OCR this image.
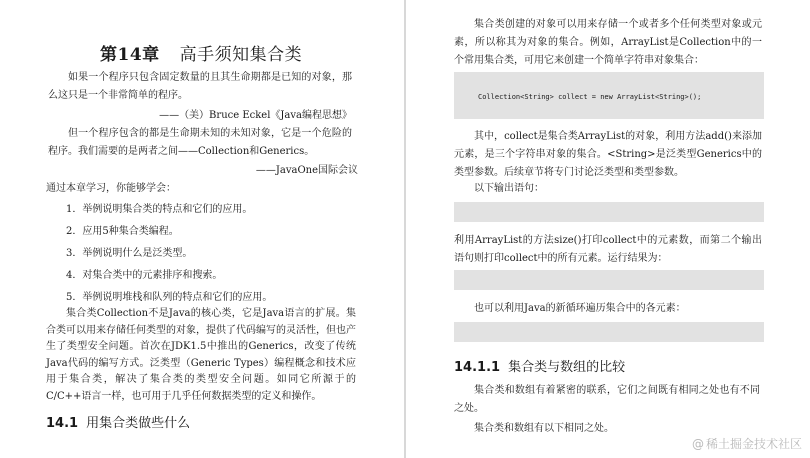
第14章 高手须知集合类
如果一个程序只包含固定数量的且其生命期都是已知的对象，那么这只是一个非常简单的程序。
——（美）Bruce Eckel《Java编程思想》
但一个程序包含的都是生命期未知的未知对象，它是一个危险的程序。我们需要的是两者之间——Collection和Generics。
——JavaOne国际会议
通过本章学习，你能够学会：
1．举例说明集合类的特点和它们的应用。
2．应用5种集合类编程。
3．举例说明什么是泛类型。
4．对集合类中的元素排序和搜索。
5．举例说明堆栈和队列的特点和它们的应用。
集合类Collection不是Java的核心类，它是Java语言的扩展。集合类可以用来存储任何类型的对象，提供了代码编写的灵活性，但也产生了类型安全问题。首次在JDK1.5中推出的Generics，改变了传统Java代码的编写方式。泛类型（Generic Types）编程概念和技术应用于集合类，解决了集合类的类型安全问题。如同它所源于的C/C++语言一样，也可用于几乎任何数据类型的定义和操作。
14.1 用集合类做些什么
集合类创建的对象可以用来存储一个或者多个任何类型对象或元素，所以称其为对象的集合。例如，ArrayList是Collection中的一个常用集合类，可用它来创建一个简单字符串对象集合：

Collection<String> collect = new ArrayList<String>();

其中，collect是集合类ArrayList的对象，利用方法add()来添加元素，是三个字符串对象的集合。<String>是泛类型Generics中的类型参数。后续章节将专门讨论泛类型和类型参数。
以下输出语句：

利用ArrayList的方法size()打印collect中的元素数，而第二个输出语句则打印collect中的所有元素。运行结果为：

也可以利用Java的新循环遍历集合中的各元素：

14.1.1 集合类与数组的比较
集合类和数组有着紧密的联系，它们之间既有相同之处也有不同之处。
集合类和数组有以下相同之处。
@ 稀土掘金技术社区
